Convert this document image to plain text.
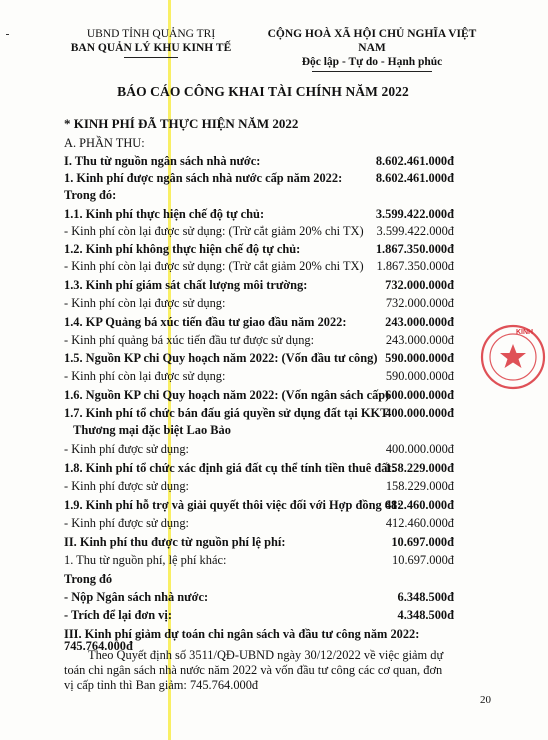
UBND TỈNH QUẢNG TRỊ
BAN QUẢN LÝ KHU KINH TẾ
CỘNG HOÀ XÃ HỘI CHỦ NGHĨA VIỆT NAM
Độc lập - Tự do - Hạnh phúc
BÁO CÁO CÔNG KHAI TÀI CHÍNH NĂM 2022
* KINH PHÍ ĐÃ THỰC HIỆN NĂM 2022
A. PHẦN THU:
I. Thu từ nguồn ngân sách nhà nước:	8.602.461.000đ
1. Kinh phí được ngân sách nhà nước cấp năm 2022:	8.602.461.000đ
Trong đó:
1.1. Kinh phí thực hiện chế độ tự chủ:	3.599.422.000đ
- Kinh phí còn lại được sử dụng: (Trừ cắt giảm 20% chi TX) 3.599.422.000đ
1.2. Kinh phí không thực hiện chế độ tự chủ:	1.867.350.000đ
- Kinh phí còn lại được sử dụng: (Trừ cắt giảm 20% chi TX) 1.867.350.000đ
1.3. Kinh phí giám sát chất lượng môi trường:	732.000.000đ
- Kinh phí còn lại được sử dụng:	732.000.000đ
1.4. KP Quảng bá xúc tiến đầu tư giao đầu năm 2022:	243.000.000đ
- Kinh phí quảng bá xúc tiến đầu tư được sử dụng:	243.000.000đ
1.5. Nguồn KP chi Quy hoạch năm 2022: (Vốn đầu tư công) 590.000.000đ
- Kinh phí còn lại được sử dụng:	590.000.000đ
1.6. Nguồn KP chi Quy hoạch năm 2022: (Vốn ngân sách cấp)
600.000.000đ
1.7. Kinh phí tổ chức bán đấu giá quyền sử dụng đất tại KKT
400.000.000đ
Thương mại đặc biệt Lao Bảo
- Kinh phí được sử dụng:	400.000.000đ
1.8. Kinh phí tổ chức xác định giá đất cụ thể tính tiền thuê đất:
158.229.000đ
- Kinh phí được sử dụng:	158.229.000đ
1.9. Kinh phí hỗ trợ và giải quyết thôi việc đối với Hợp đồng 68:
412.460.000đ
- Kinh phí được sử dụng:	412.460.000đ
II. Kinh phí thu được từ nguồn phí lệ phí:	10.697.000đ
1. Thu từ nguồn phí, lệ phí khác:	10.697.000đ
Trong đó
- Nộp Ngân sách nhà nước:	6.348.500đ
- Trích để lại đơn vị:	4.348.500đ
III. Kinh phí giảm dự toán chi ngân sách và đầu tư công năm 2022:
745.764.000đ
Theo Quyết định số 3511/QĐ-UBND ngày 30/12/2022 về việc giảm dự toán chi ngân sách nhà nước năm 2022 và vốn đầu tư công các cơ quan, đơn vị cấp tỉnh thì Ban giảm: 745.764.000đ
20
KINH
